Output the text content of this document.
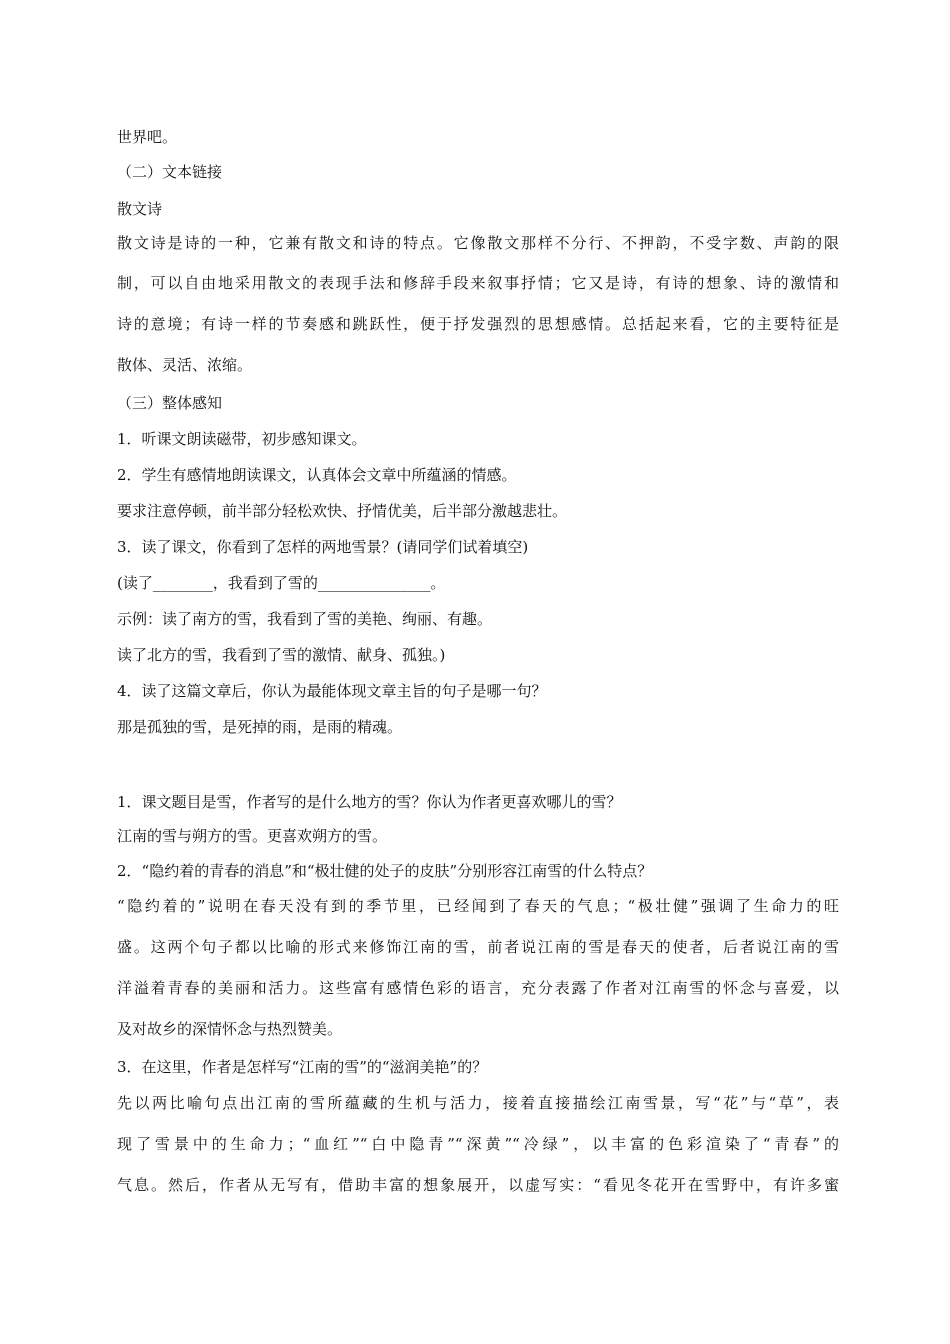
世界吧。
（二）文本链接
散文诗
散文诗是诗的一种，它兼有散文和诗的特点。它像散文那样不分行、不押韵，不受字数、声韵的限
制，可以自由地采用散文的表现手法和修辞手段来叙事抒情；它又是诗，有诗的想象、诗的激情和
诗的意境；有诗一样的节奏感和跳跃性，便于抒发强烈的思想感情。总括起来看，它的主要特征是
散体、灵活、浓缩。
（三）整体感知
1．听课文朗读磁带，初步感知课文。
2．学生有感情地朗读课文，认真体会文章中所蕴涵的情感。
要求注意停顿，前半部分轻松欢快、抒情优美，后半部分激越悲壮。
3．读了课文，你看到了怎样的两地雪景？(请同学们试着填空)
(读了________，我看到了雪的_______________。
示例：读了南方的雪，我看到了雪的美艳、绚丽、有趣。
读了北方的雪，我看到了雪的激情、献身、孤独。)
4．读了这篇文章后，你认为最能体现文章主旨的句子是哪一句？
那是孤独的雪，是死掉的雨，是雨的精魂。
1．课文题目是雪，作者写的是什么地方的雪？你认为作者更喜欢哪儿的雪？
江南的雪与朔方的雪。更喜欢朔方的雪。
2．“隐约着的青春的消息”和“极壮健的处子的皮肤”分别形容江南雪的什么特点？
“隐约着的”说明在春天没有到的季节里，已经闻到了春天的气息；“极壮健”强调了生命力的旺
盛。这两个句子都以比喻的形式来修饰江南的雪，前者说江南的雪是春天的使者，后者说江南的雪
洋溢着青春的美丽和活力。这些富有感情色彩的语言，充分表露了作者对江南雪的怀念与喜爱，以
及对故乡的深情怀念与热烈赞美。
3．在这里，作者是怎样写“江南的雪”的“滋润美艳”的？
先以两比喻句点出江南的雪所蕴藏的生机与活力，接着直接描绘江南雪景，写“花”与“草”，表
现了雪景中的生命力；“血红”“白中隐青”“深黄”“冷绿”，以丰富的色彩渲染了“青春”的
气息。然后，作者从无写有，借助丰富的想象展开，以虚写实：“看见冬花开在雪野中，有许多蜜
